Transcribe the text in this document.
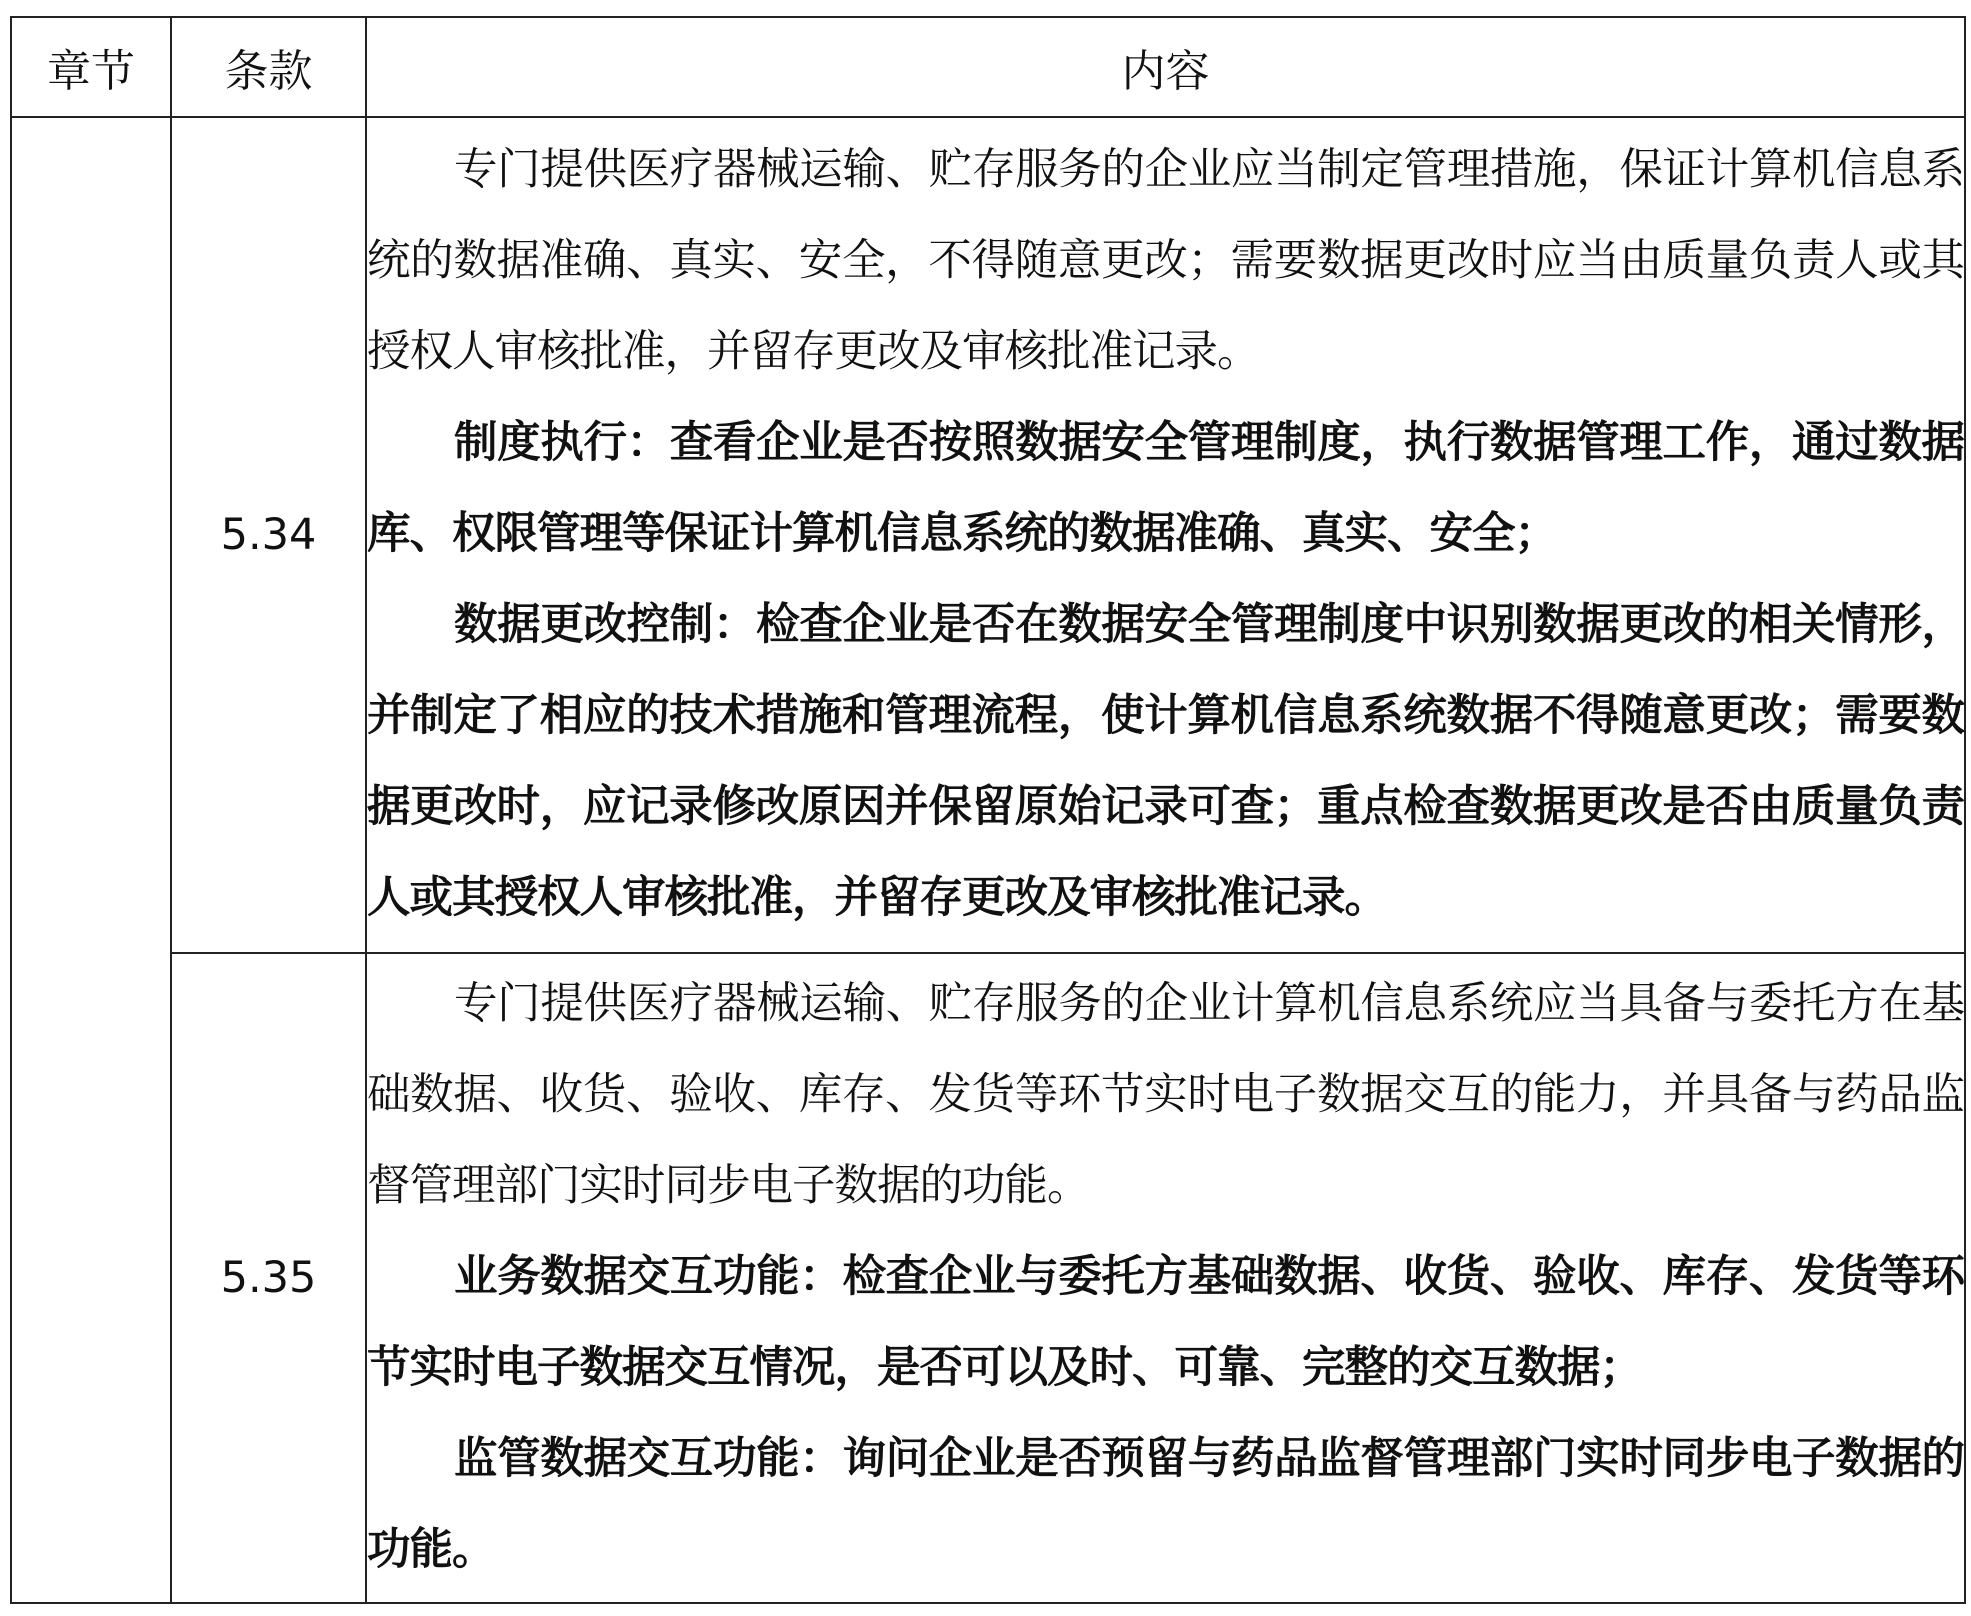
章节	条款	内容
	5.34	专门提供医疗器械运输、贮存服务的企业应当制定管理措施，保证计算机信息系统的数据准确、真实、安全，不得随意更改；需要数据更改时应当由质量负责人或其授权人审核批准，并留存更改及审核批准记录。

制度执行：查看企业是否按照数据安全管理制度，执行数据管理工作，通过数据库、权限管理等保证计算机信息系统的数据准确、真实、安全；

数据更改控制：检查企业是否在数据安全管理制度中识别数据更改的相关情形，并制定了相应的技术措施和管理流程，使计算机信息系统数据不得随意更改；需要数据更改时，应记录修改原因并保留原始记录可查；重点检查数据更改是否由质量负责人或其授权人审核批准，并留存更改及审核批准记录。

	5.35	专门提供医疗器械运输、贮存服务的企业计算机信息系统应当具备与委托方在基础数据、收货、验收、库存、发货等环节实时电子数据交互的能力，并具备与药品监督管理部门实时同步电子数据的功能。

业务数据交互功能：检查企业与委托方基础数据、收货、验收、库存、发货等环节实时电子数据交互情况，是否可以及时、可靠、完整的交互数据；

监管数据交互功能：询问企业是否预留与药品监督管理部门实时同步电子数据的功能。
